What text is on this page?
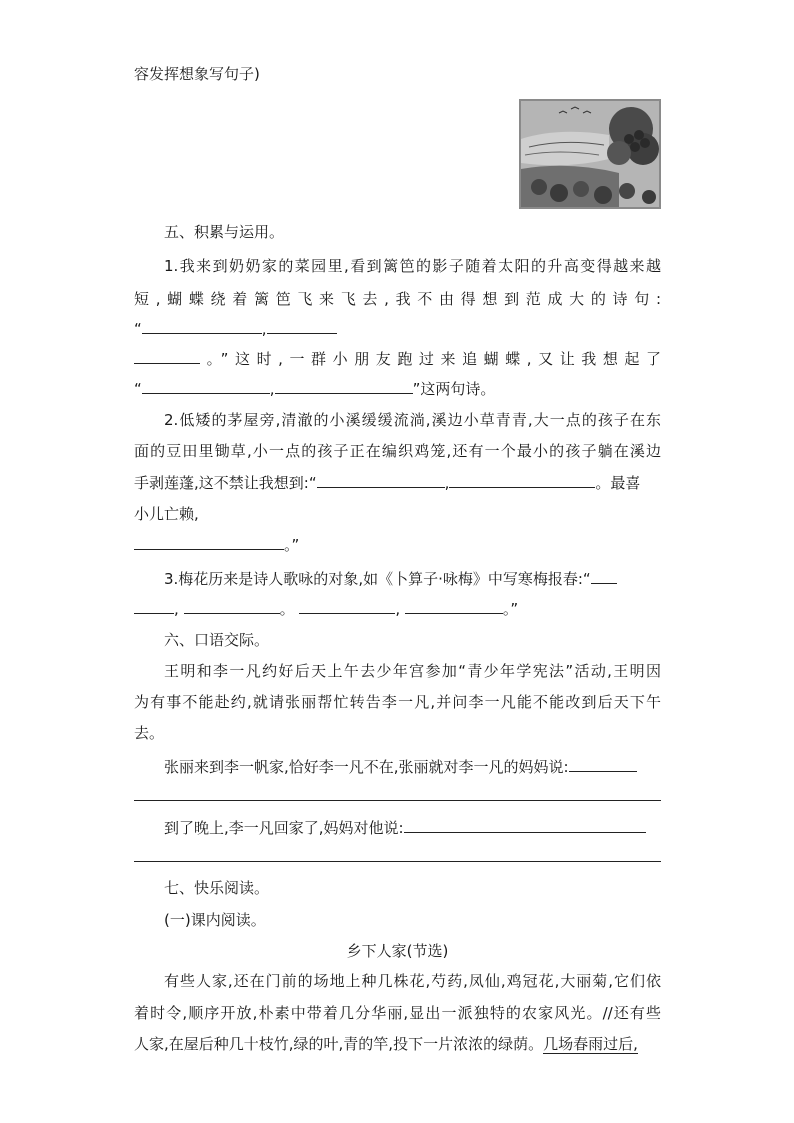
容发挥想象写句子)
五、积累与运用。
1.我来到奶奶家的菜园里,看到篱笆的影子随着太阳的升高变得越来越
短,蝴蝶绕着篱笆飞来飞去,我不由得想到范成大的诗句:
“	,
。”这时,一群小朋友跑过来追蝴蝶,又让我想起了
“	,	”这两句诗。
2.低矮的茅屋旁,清澈的小溪缓缓流淌,溪边小草青青,大一点的孩子在东
面的豆田里锄草,小一点的孩子正在编织鸡笼,还有一个最小的孩子躺在溪边
手剥莲蓬,这不禁让我想到:“	,	。最喜
小儿亡赖,
。”
3.梅花历来是诗人歌咏的对象,如《卜算子·咏梅》中写寒梅报春:“
,	。	,	。”
六、口语交际。
王明和李一凡约好后天上午去少年宫参加“青少年学宪法”活动,王明因
为有事不能赴约,就请张丽帮忙转告李一凡,并问李一凡能不能改到后天下午
去。
张丽来到李一帆家,恰好李一凡不在,张丽就对李一凡的妈妈说:
到了晚上,李一凡回家了,妈妈对他说:
七、快乐阅读。
(一)课内阅读。
乡下人家(节选)
有些人家,还在门前的场地上种几株花,芍药,凤仙,鸡冠花,大丽菊,它们依
着时令,顺序开放,朴素中带着几分华丽,显出一派独特的农家风光。//还有些
人家,在屋后种几十枝竹,绿的叶,青的竿,投下一片浓浓的绿荫。几场春雨过后,
